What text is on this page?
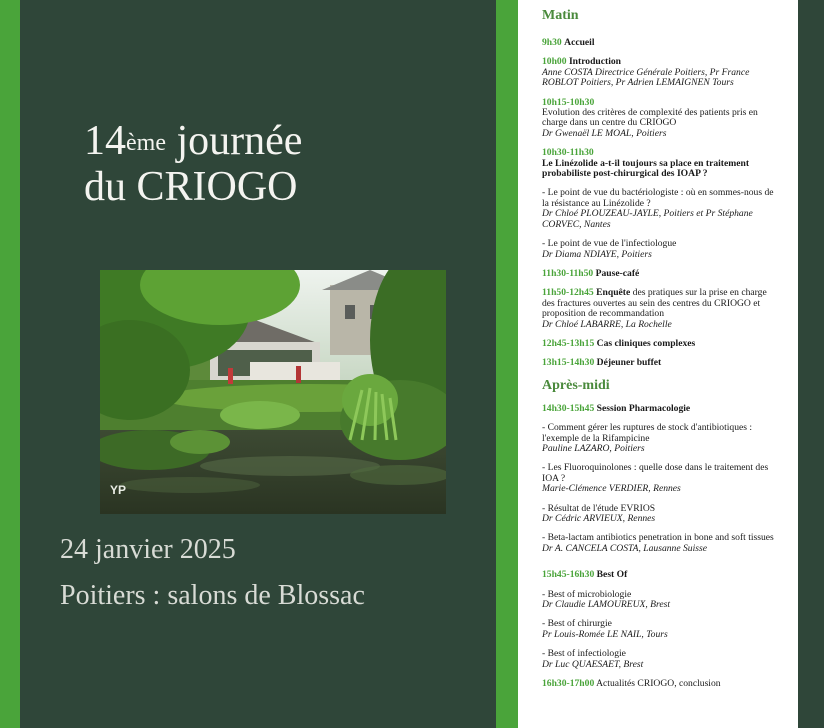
14ème journée
du CRIOGO
YP
24 janvier 2025
Poitiers : salons de Blossac
Matin
9h30 Accueil
10h00 Introduction
Anne COSTA Directrice Générale Poitiers, Pr France ROBLOT Poitiers, Pr Adrien LEMAIGNEN Tours
10h15-10h30
Evolution des critères de complexité des patients pris en charge dans un centre du CRIOGO
Dr Gwenaël LE MOAL, Poitiers
10h30-11h30
Le Linézolide a-t-il toujours sa place en traitement probabiliste post-chirurgical des IOAP ?
- Le point de vue du bactériologiste : où en sommes-nous de la résistance au Linézolide ?
Dr Chloé PLOUZEAU-JAYLE, Poitiers et Pr Stéphane CORVEC, Nantes
- Le point de vue de l'infectiologue
Dr Diama NDIAYE, Poitiers
11h30-11h50 Pause-café
11h50-12h45 Enquête des pratiques sur la prise en charge des fractures ouvertes au sein des centres du CRIOGO et proposition de recommandation
Dr Chloé LABARRE, La Rochelle
12h45-13h15 Cas cliniques complexes
13h15-14h30 Déjeuner buffet
Après-midi
14h30-15h45 Session Pharmacologie
- Comment gérer les ruptures de stock d'antibiotiques : l'exemple de la Rifampicine
Pauline LAZARO, Poitiers
- Les Fluoroquinolones : quelle dose dans le traitement des IOA ?
Marie-Clémence VERDIER, Rennes
- Résultat de l'étude EVRIOS
Dr Cédric ARVIEUX, Rennes
- Beta-lactam antibiotics penetration in bone and soft tissues
Dr A. CANCELA COSTA, Lausanne Suisse
15h45-16h30 Best Of
- Best of microbiologie
Dr Claudie LAMOUREUX, Brest
- Best of chirurgie
Pr Louis-Romée LE NAIL, Tours
- Best of infectiologie
Dr Luc QUAESAET, Brest
16h30-17h00 Actualités CRIOGO, conclusion
